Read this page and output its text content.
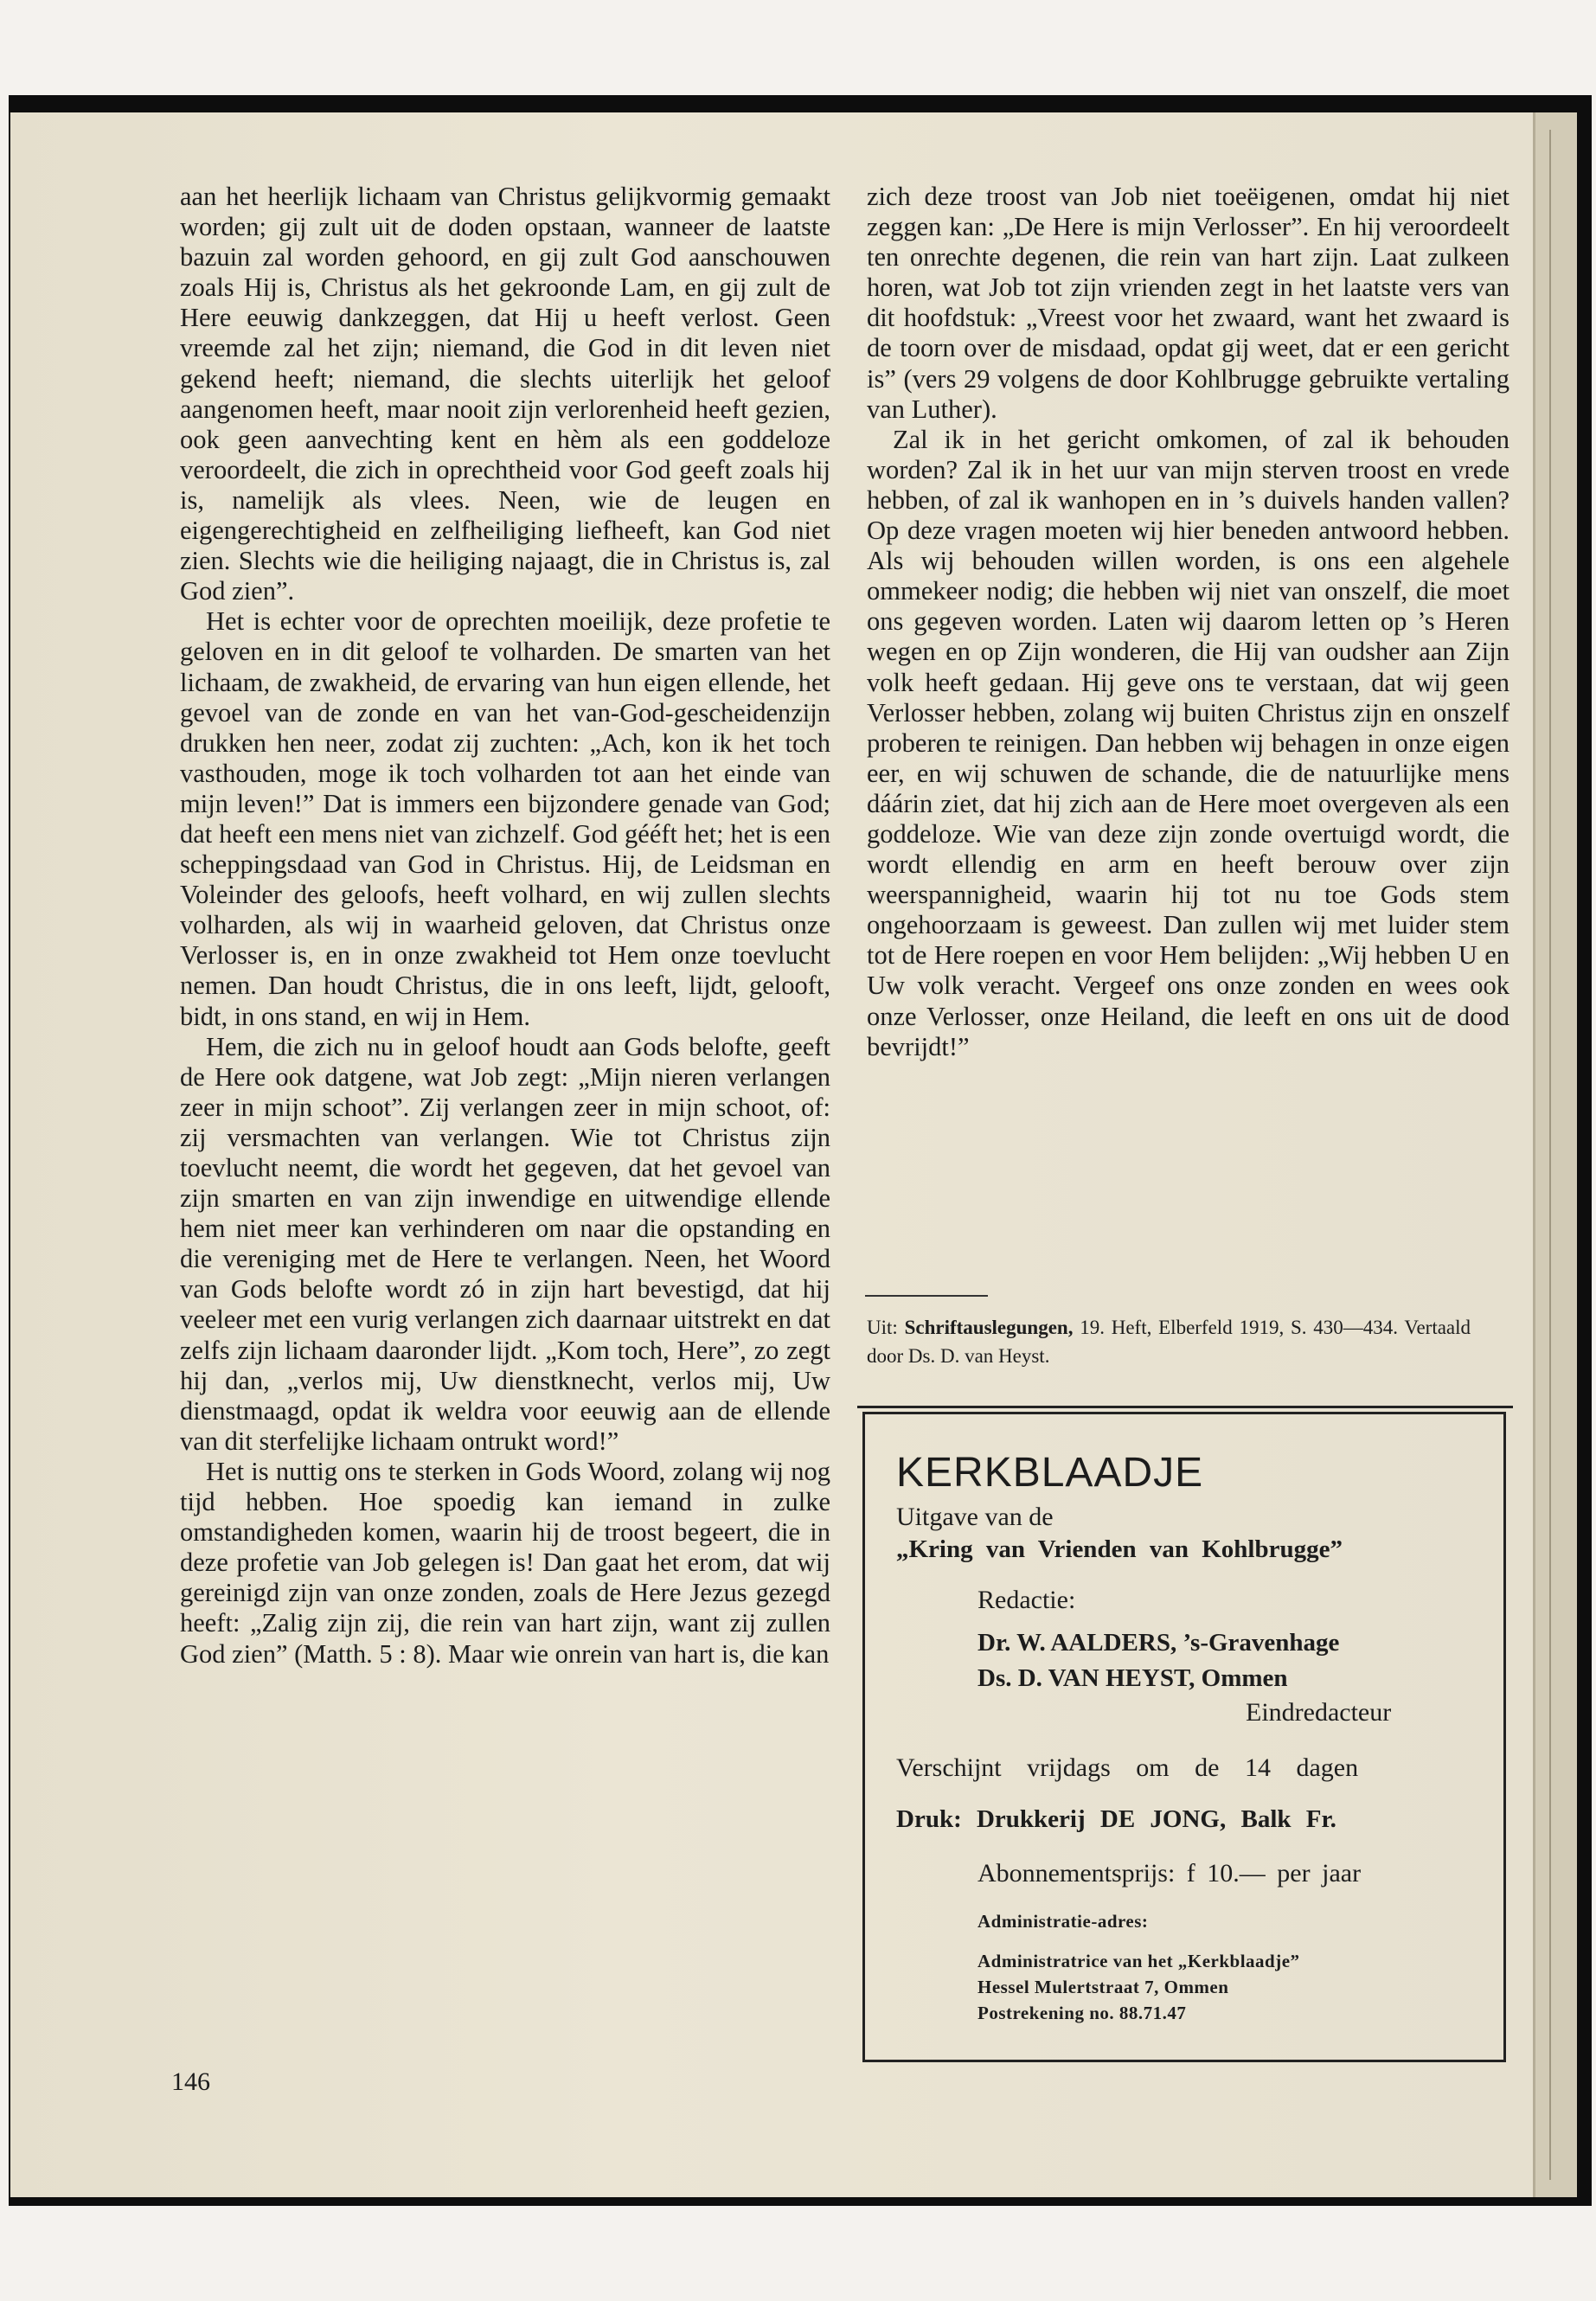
aan het heerlijk lichaam van Christus gelijkvormig gemaakt worden; gij zult uit de doden opstaan, wanneer de laatste bazuin zal worden gehoord, en gij zult God aanschouwen zoals Hij is, Christus als het gekroonde Lam, en gij zult de Here eeuwig dankzeggen, dat Hij u heeft verlost. Geen vreemde zal het zijn; niemand, die God in dit leven niet gekend heeft; niemand, die slechts uiterlijk het geloof aangenomen heeft, maar nooit zijn verlorenheid heeft gezien, ook geen aanvechting kent en hèm als een goddeloze veroordeelt, die zich in oprechtheid voor God geeft zoals hij is, namelijk als vlees. Neen, wie de leugen en eigengerechtigheid en zelfheiliging liefheeft, kan God niet zien. Slechts wie die heiliging najaagt, die in Christus is, zal God zien”.

Het is echter voor de oprechten moeilijk, deze profetie te geloven en in dit geloof te volharden. De smarten van het lichaam, de zwakheid, de ervaring van hun eigen ellende, het gevoel van de zonde en van het van-God-gescheidenzijn drukken hen neer, zodat zij zuchten: „Ach, kon ik het toch vasthouden, moge ik toch volharden tot aan het einde van mijn leven!” Dat is immers een bijzondere genade van God; dat heeft een mens niet van zichzelf. God gééft het; het is een scheppingsdaad van God in Christus. Hij, de Leidsman en Voleinder des geloofs, heeft volhard, en wij zullen slechts volharden, als wij in waarheid geloven, dat Christus onze Verlosser is, en in onze zwakheid tot Hem onze toevlucht nemen. Dan houdt Christus, die in ons leeft, lijdt, gelooft, bidt, in ons stand, en wij in Hem.

Hem, die zich nu in geloof houdt aan Gods belofte, geeft de Here ook datgene, wat Job zegt: „Mijn nieren verlangen zeer in mijn schoot”. Zij verlangen zeer in mijn schoot, of: zij versmachten van verlangen. Wie tot Christus zijn toevlucht neemt, die wordt het gegeven, dat het gevoel van zijn smarten en van zijn inwendige en uitwendige ellende hem niet meer kan verhinderen om naar die opstanding en die vereniging met de Here te verlangen. Neen, het Woord van Gods belofte wordt zó in zijn hart bevestigd, dat hij veeleer met een vurig verlangen zich daarnaar uitstrekt en dat zelfs zijn lichaam daaronder lijdt. „Kom toch, Here”, zo zegt hij dan, „verlos mij, Uw dienstknecht, verlos mij, Uw dienstmaagd, opdat ik weldra voor eeuwig aan de ellende van dit sterfelijke lichaam ontrukt word!”

Het is nuttig ons te sterken in Gods Woord, zolang wij nog tijd hebben. Hoe spoedig kan iemand in zulke omstandigheden komen, waarin hij de troost begeert, die in deze profetie van Job gelegen is! Dan gaat het erom, dat wij gereinigd zijn van onze zonden, zoals de Here Jezus gezegd heeft: „Zalig zijn zij, die rein van hart zijn, want zij zullen God zien” (Matth. 5 : 8). Maar wie onrein van hart is, die kan

146

zich deze troost van Job niet toeëigenen, omdat hij niet zeggen kan: „De Here is mijn Verlosser”. En hij veroordeelt ten onrechte degenen, die rein van hart zijn. Laat zulkeen horen, wat Job tot zijn vrienden zegt in het laatste vers van dit hoofdstuk: „Vreest voor het zwaard, want het zwaard is de toorn over de misdaad, opdat gij weet, dat er een gericht is” (vers 29 volgens de door Kohlbrugge gebruikte vertaling van Luther).

Zal ik in het gericht omkomen, of zal ik behouden worden? Zal ik in het uur van mijn sterven troost en vrede hebben, of zal ik wanhopen en in ’s duivels handen vallen? Op deze vragen moeten wij hier beneden antwoord hebben. Als wij behouden willen worden, is ons een algehele ommekeer nodig; die hebben wij niet van onszelf, die moet ons gegeven worden. Laten wij daarom letten op ’s Heren wegen en op Zijn wonderen, die Hij van oudsher aan Zijn volk heeft gedaan. Hij geve ons te verstaan, dat wij geen Verlosser hebben, zolang wij buiten Christus zijn en onszelf proberen te reinigen. Dan hebben wij behagen in onze eigen eer, en wij schuwen de schande, die de natuurlijke mens dáárin ziet, dat hij zich aan de Here moet overgeven als een goddeloze. Wie van deze zijn zonde overtuigd wordt, die wordt ellendig en arm en heeft berouw over zijn weerspannigheid, waarin hij tot nu toe Gods stem ongehoorzaam is geweest. Dan zullen wij met luider stem tot de Here roepen en voor Hem belijden: „Wij hebben U en Uw volk veracht. Vergeef ons onze zonden en wees ook onze Verlosser, onze Heiland, die leeft en ons uit de dood bevrijdt!”

Uit: Schriftauslegungen, 19. Heft, Elberfeld 1919, S. 430—434. Vertaald door Ds. D. van Heyst.
KERKBLAADJE
Uitgave van de
„Kring van Vrienden van Kohlbrugge”
Redactie:
Dr. W. AALDERS, ’s-Gravenhage
Ds. D. VAN HEYST, Ommen
Eindredacteur
Verschijnt vrijdags om de 14 dagen
Druk: Drukkerij DE JONG, Balk Fr.
Abonnementsprijs: f 10.— per jaar
Administratie-adres:
Administratrice van het „Kerkblaadje”
Hessel Mulertstraat 7, Ommen
Postrekening no. 88.71.47
